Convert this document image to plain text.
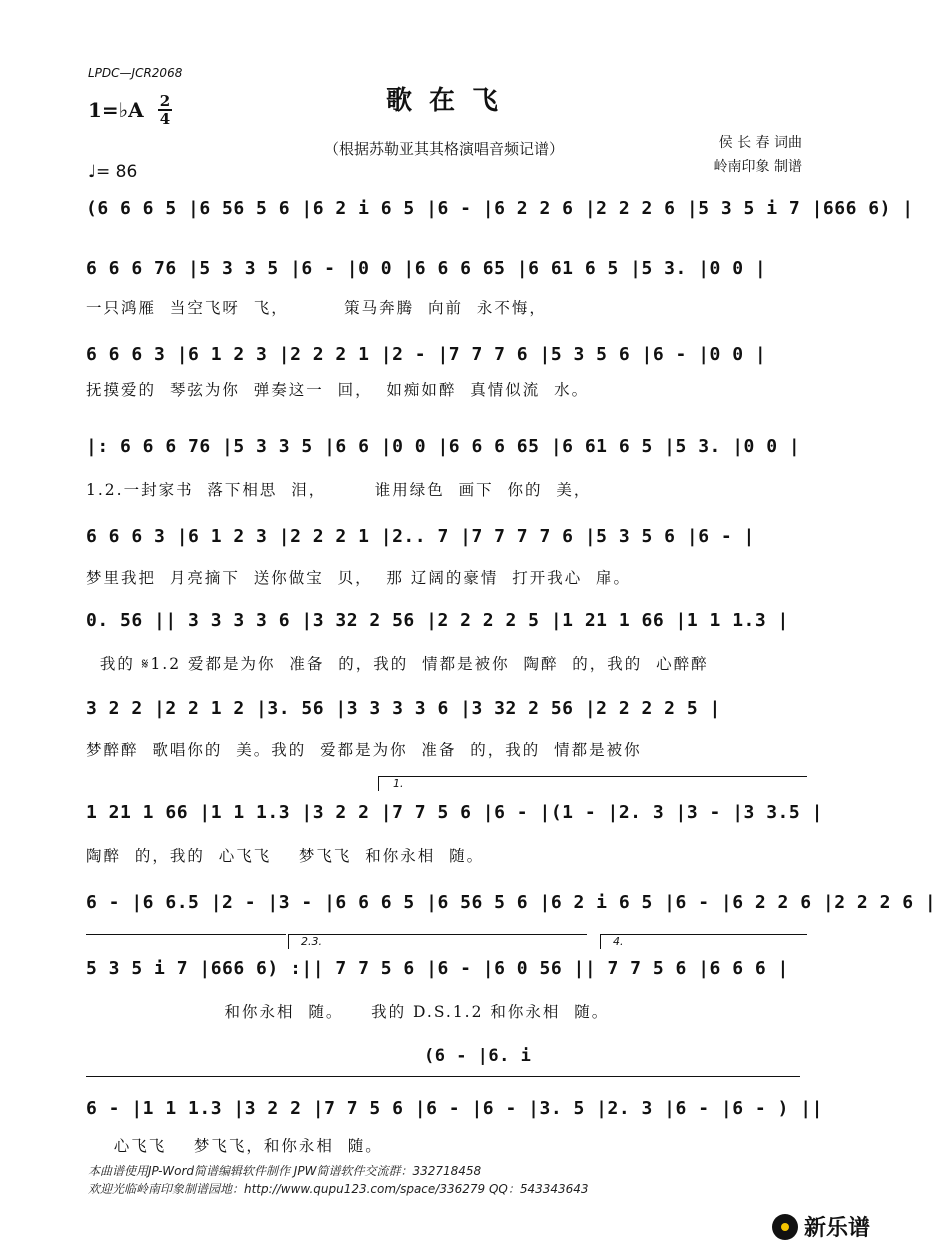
LPDC—JCR2068
1=♭A 2
4
歌 在 飞
（根据苏勒亚其其格演唱音频记谱）	侯 长 春 词曲
岭南印象 制谱
♩= 86
(6 6 6 5 |6 56 5 6 |6 2 i 6 5 |6 - |6 2 2 6 |2 2 2 6 |5 3 5 i 7 |666 6) |
6 6 6 76 |5 3 3 5 |6 - |0 0 |6 6 6 65 |6 61 6 5 |5 3. |0 0 |
一只鸿雁  当空飞呀  飞，        策马奔腾  向前  永不悔，
6 6 6 3 |6 1 2 3 |2 2 2 1 |2 - |7 7 7 6 |5 3 5 6 |6 - |0 0 |
抚摸爱的  琴弦为你  弹奏这一  回，  如痴如醉  真情似流  水。
|: 6 6 6 76 |5 3 3 5 |6 6 |0 0 |6 6 6 65 |6 61 6 5 |5 3. |0 0 |
1.2.一封家书  落下相思  泪，       谁用绿色  画下  你的  美，
6 6 6 3 |6 1 2 3 |2 2 2 1 |2.. 7 |7 7 7 7 6 |5 3 5 6 |6 - |
梦里我把  月亮摘下  送你做宝  贝，  那 辽阔的豪情  打开我心  扉。
0. 56 || 3 3 3 3 6 |3 32 2 56 |2 2 2 2 5 |1 21 1 66 |1 1 1.3 |
我的 𝄋1.2 爱都是为你  准备  的，我的  情都是被你  陶醉  的，我的  心醉醉
3 2 2 |2 2 1 2 |3. 56 |3 3 3 3 6 |3 32 2 56 |2 2 2 2 5 |
梦醉醉  歌唱你的  美。我的  爱都是为你  准备  的，我的  情都是被你
1.
1 21 1 66 |1 1 1.3 |3 2 2 |7 7 5 6 |6 - |(1 - |2. 3 |3 - |3 3.5 |
陶醉  的，我的  心飞飞    梦飞飞  和你永相  随。
6 - |6 6.5 |2 - |3 - |6 6 6 5 |6 56 5 6 |6 2 i 6 5 |6 - |6 2 2 6 |2 2 2 6 |
2.3.	4.
5 3 5 i 7 |666 6) :|| 7 7 5 6 |6 - |6 0 56 || 7 7 5 6 |6 6 6 |
和你永相  随。    我的 D.S.1.2 和你永相  随。
(6 - |6. i
6 - |1 1 1.3 |3 2 2 |7 7 5 6 |6 - |6 - |3. 5 |2. 3 |6 - |6 - ) ||
心飞飞    梦飞飞，和你永相  随。
本曲谱使用JP-Word简谱编辑软件制作 JPW简谱软件交流群：332718458
欢迎光临岭南印象制谱园地：http://www.qupu123.com/space/336279 QQ：543343643
新乐谱
